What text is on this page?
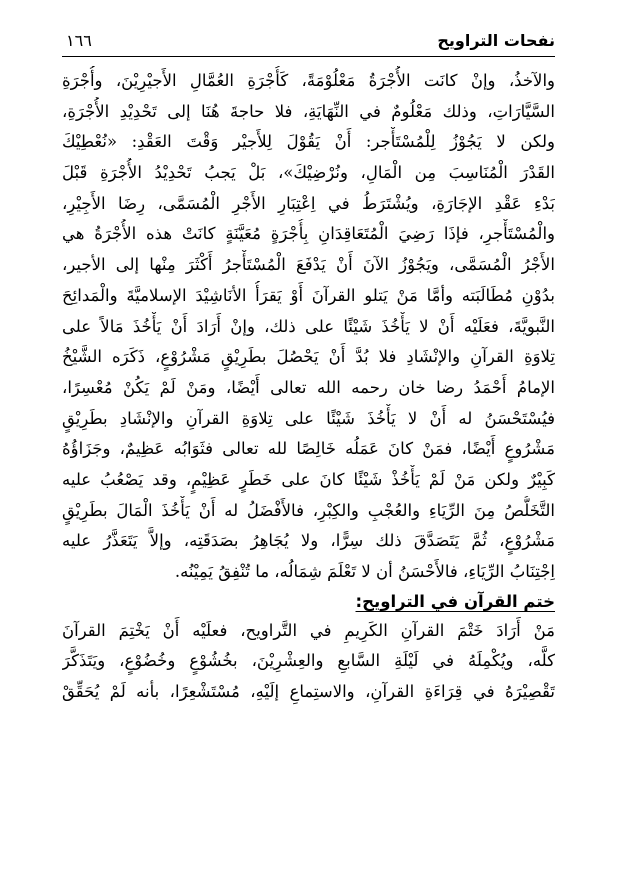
نفحات التراويح
١٦٦
والآخذُ، وإنْ كانَت الأُجْرَةُ مَعْلُوْمَةً، كَأُجْرَةِ العُمَّالِ الأَجيْرِيْنَ، وأُجْرَةِ
السَّيَّارَاتِ، وذلك مَعْلُومٌ في النِّهَايَةِ، فلا حاجةَ هُنَا إلى تَحْدِيْدِ الأُجْرَةِ،
ولكن لا يَجُوْزُ لِلْمُسْتَأْجر: أَنْ يَقُوْلَ لِلأَجيْر وَقْتَ العَقْدِ: «نُعْطِيْكَ
القَدْرَ الْمُنَاسِبَ مِن الْمَالِ، ونُرْضِيْكَ»، بَلْ يَجبُ تَحْدِيْدُ الأُجْرَةِ قَبْلَ
بَدْءِ عَقْدِ الإجَارَةِ، ويُشْتَرَطُ في اِعْتِبَارِ الأَجْرِ الْمُسَمَّى، رِضَا الأَجِيْرِ،
والْمُسْتَأْجرِ، فإذَا رَضِيَ الْمُتَعَاقِدَانِ بِأُجْرَةٍ مُعَيَّنَةٍ كانَتْ هذه الأُجْرَةُ هي
الأَجْرُ الْمُسَمَّى، ويَجُوْزُ الآنَ أَنْ يَدْفَعَ الْمُسْتَأْجرُ أَكْثَرَ مِنْها إلى الأجير،
بدُوْنِ مُطَالَبَته وأمَّا مَنْ يَتلو القرآنَ أَوْ يَقرَأُ الأنَاشِيْدَ الإسلاميَّةَ والْمَدائِحَ
النَّبويَّةَ، فعَلَيْه أَنْ لا يَأْخُذَ شَيْئًا على ذلك، وإنْ أَرَادَ أَنْ يَأْخُذَ مَالاً على
تِلاوَةِ القرآنِ والإنْشَادِ فلا بُدَّ أَنْ يَحْصُلَ بطَرِيْقٍ مَشْرُوْعٍ، ذَكَرَه الشَّيْخُ
الإمامُ أَحْمَدُ رضا خان رحمه الله تعالى أَيْضًا، ومَنْ لَمْ يَكُنْ مُعْسِرًا،
فيُسْتَحْسَنُ له أَنْ لا يَأْخُذَ شَيْئًا على تِلاوَةِ القرآنِ والإنْشَادِ بطَرِيْقٍ
مَشْرُوعٍ أَيْضًا، فمَنْ كانَ عَمَلُه خَالِصًا لله تعالى فثَوَابُه عَظِيمٌ، وجَزَاؤُهُ
كَبِيْرٌ ولكن مَنْ لَمْ يَأْخُذْ شَيْئًا كانَ على خَطَرٍ عَظِيْمٍ، وقد يَصْعُبُ عليه
التَّخَلُّصُ مِنَ الرِّيَاءِ والعُجْبِ والكِبْرِ، فالأَفْضَلُ له أَنْ يَأْخُذَ الْمَالَ بطَرِيْقٍ
مَشْرُوْعٍ، ثُمَّ يَتَصَدَّقَ ذلك سِرًّا، ولا يُجَاهِرُ بصَدَقَتِه، وإلاَّ يَتَعَذَّرُ عليه
اِجْتِنَابُ الرِّيَاءِ، فالأَحْسَنُ أن لا تَعْلَمَ شِمَالُه، ما تُنْفِقُ يَمِيْنُه.
ختم القرآن في التراويح:
مَنْ أَرَادَ خَتْمَ القرآنِ الكَرِيمِ في التَّراويح، فعلَيْه أَنْ يَخْتِمَ القرآنَ
كلَّه، ويُكْمِلَهُ في لَيْلَةِ السَّابعِ والعِشْرِيْنَ، بخُشُوْعٍ وخُضُوْعٍ، ويَتَذَكَّرَ
تَقْصِيْرَهُ في قِرَاءَةِ القرآنِ، والاستِماعِ إلَيْهِ، مُسْتَشْعِرًا، بأنه لَمْ يُحَقِّقْ
